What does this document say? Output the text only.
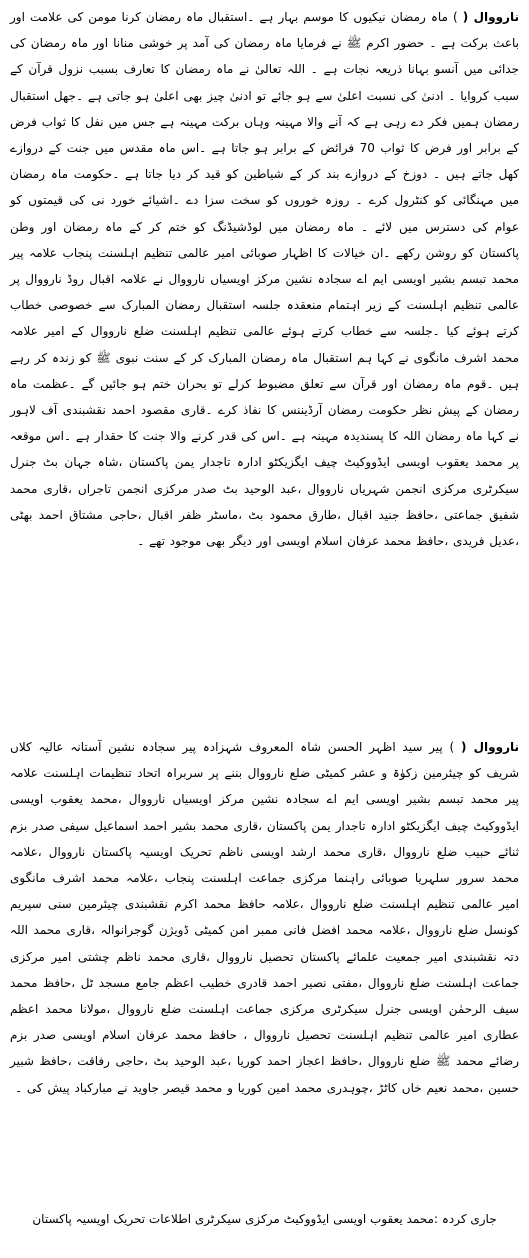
نارووال ( ) ماہ رمضان نیکیوں کا موسم بہار ہے ۔استقبال ماہ رمضان کرنا مومن کی علامت اور باعث برکت ہے ۔ حضور اکرم ﷺ نے فرمایا ماہ رمضان کی آمد پر خوشی منانا اور ماہ رمضان کی جدائی میں آنسو بہانا ذریعہ نجات ہے ۔ اللہ تعالیٰ نے ماہ رمضان کا تعارف بسبب نزول قرآن کے سبب کروایا ۔ ادنیٰ کی نسبت اعلیٰ سے ہو جائے تو ادنیٰ چیز بھی اعلیٰ ہو جاتی ہے ۔جھل استقبال رمضان ہمیں فکر دے رہی ہے کہ آنے والا مہینہ وہاں برکت مہینہ ہے جس میں نفل کا ثواب فرض کے برابر اور فرض کا ثواب 70 فرائض کے برابر ہو جاتا ہے ۔اس ماہ مقدس میں جنت کے دروازے کھل جاتے ہیں ۔ دوزخ کے دروازے بند کر کے شیاطین کو قید کر دیا جاتا ہے ۔حکومت ماہ رمضان میں مہنگائی کو کنٹرول کرے ۔ روزہ خوروں کو سخت سزا دے ۔اشیائے خورد نی کی قیمتوں کو عوام کی دسترس میں لائے ۔ ماہ رمضان میں لوڈشیڈنگ کو ختم کر کے ماہ رمضان اور وطن پاکستان کو روشن رکھے ۔ان خیالات کا اظہار صوبائی امیر عالمی تنظیم اہلسنت پنجاب علامہ پیر محمد تبسم بشیر اویسی ایم اے سجادہ نشین مرکز اویسیاں نارووال نے علامہ اقبال روڈ نارووال پر عالمی تنظیم اہلسنت کے زیر اہتمام منعقدہ جلسہ استقبال رمضان المبارک سے خصوصی خطاب کرتے ہوئے کیا ۔جلسہ سے خطاب کرتے ہوئے عالمی تنظیم اہلسنت ضلع نارووال کے امیر علامہ محمد اشرف مانگوی نے کہا ہم استقبال ماہ رمضان المبارک کر کے سنت نبوی ﷺ کو زندہ کر رہے ہیں ۔قوم ماہ رمضان اور قرآن سے تعلق مضبوط کرلے تو بحران ختم ہو جائیں گے ۔عظمت ماہ رمضان کے پیش نظر حکومت رمضان آرڈیننس کا نفاذ کرے ۔قاری مقصود احمد نقشبندی آف لاہور نے کہا ماہ رمضان اللہ کا پسندیدہ مہینہ ہے ۔اس کی قدر کرنے والا جنت کا حقدار ہے ۔اس موقعہ پر محمد یعقوب اویسی ایڈووکیٹ چیف ایگزیکٹو ادارہ تاجدار یمن پاکستان ،شاہ جہان بٹ جنرل سیکرٹری مرکزی انجمن شہریاں نارووال ،عبد الوحید بٹ صدر مرکزی انجمن تاجراں ،قاری محمد شفیق جماعتی ،حافظ جنید اقبال ،طارق محمود بٹ ،ماسٹر ظفر اقبال ،حاجی مشتاق احمد بھٹی ،عدیل فریدی ،حافظ محمد عرفان اسلام اویسی اور دیگر بھی موجود تھے ۔

نارووال ( ) پیر سید اظہر الحسن شاہ المعروف شہزادہ پیر سجادہ نشین آستانہ عالیہ کلاں شریف کو چیئرمین زکوٰۃ و عشر کمیٹی ضلع نارووال بننے پر سربراہ اتحاد تنظیمات اہلسنت علامہ پیر محمد تبسم بشیر اویسی ایم اے سجادہ نشین مرکز اویسیاں نارووال ،محمد یعقوب اویسی ایڈووکیٹ چیف ایگزیکٹو ادارہ تاجدار یمن پاکستان ،قاری محمد بشیر احمد اسماعیل سیفی صدر بزم ثنائے حبیب ضلع نارووال ،قاری محمد ارشد اویسی ناظم تحریک اویسیہ پاکستان نارووال ،علامہ محمد سرور سلہریا صوبائی راہنما مرکزی جماعت اہلسنت پنجاب ،علامہ محمد اشرف مانگوی امیر عالمی تنظیم اہلسنت ضلع نارووال ،علامہ حافظ محمد اکرم نقشبندی چیئرمین سنی سپریم کونسل ضلع نارووال ،علامہ محمد افضل فانی ممبر امن کمیٹی ڈویژن گوجرانوالہ ،قاری محمد اللہ دتہ نقشبندی امیر جمعیت علمائے پاکستان تحصیل نارووال ،قاری محمد ناظم چشتی امیر مرکزی جماعت اہلسنت ضلع نارووال ،مفتی نصیر احمد قادری خطیب اعظم جامع مسجد ٹل ،حافظ محمد سیف الرحمٰن اویسی جنرل سیکرٹری مرکزی جماعت اہلسنت ضلع نارووال ،مولانا محمد اعظم عطاری امیر عالمی تنظیم اہلسنت تحصیل نارووال ، حافظ محمد عرفان اسلام اویسی صدر بزم رضائے محمد ﷺ ضلع نارووال ،حافظ اعجاز احمد کوریا ،عبد الوحید بٹ ،حاجی رفاقت ،حافظ شبیر حسین ،محمد نعیم خاں کاٹڑ ،چوہدری محمد امین کوریا و محمد قیصر جاوید نے مبارکباد پیش کی ۔

جاری کردہ :محمد یعقوب اویسی ایڈووکیٹ مرکزی سیکرٹری اطلاعات تحریک اویسیہ پاکستان
